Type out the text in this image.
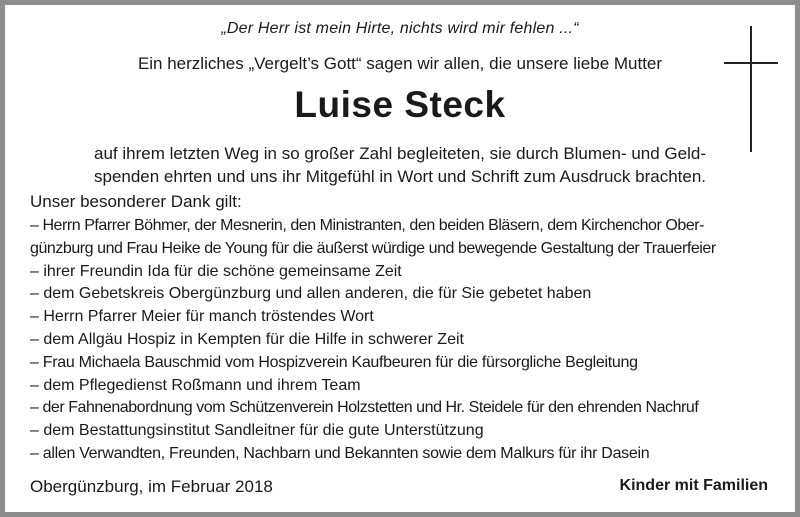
„Der Herr ist mein Hirte, nichts wird mir fehlen ...“
Ein herzliches „Vergelt’s Gott“ sagen wir allen, die unsere liebe Mutter
Luise Steck
auf ihrem letzten Weg in so großer Zahl begleiteten, sie durch Blumen- und Geld-
spenden ehrten und uns ihr Mitgefühl in Wort und Schrift zum Ausdruck brachten.
Unser besonderer Dank gilt:
– Herrn Pfarrer Böhmer, der Mesnerin, den Ministranten, den beiden Bläsern, dem Kirchenchor Ober-
günzburg und Frau Heike de Young für die äußerst würdige und bewegende Gestaltung der Trauerfeier
– ihrer Freundin Ida für die schöne gemeinsame Zeit
– dem Gebetskreis Obergünzburg und allen anderen, die für Sie gebetet haben
– Herrn Pfarrer Meier für manch tröstendes Wort
– dem Allgäu Hospiz in Kempten für die Hilfe in schwerer Zeit
– Frau Michaela Bauschmid vom Hospizverein Kaufbeuren für die fürsorgliche Begleitung
– dem Pflegedienst Roßmann und ihrem Team
– der Fahnenabordnung vom Schützenverein Holzstetten und Hr. Steidele für den ehrenden Nachruf
– dem Bestattungsinstitut Sandleitner für die gute Unterstützung
– allen Verwandten, Freunden, Nachbarn und Bekannten sowie dem Malkurs für ihr Dasein
Obergünzburg, im Februar 2018	Kinder mit Familien
